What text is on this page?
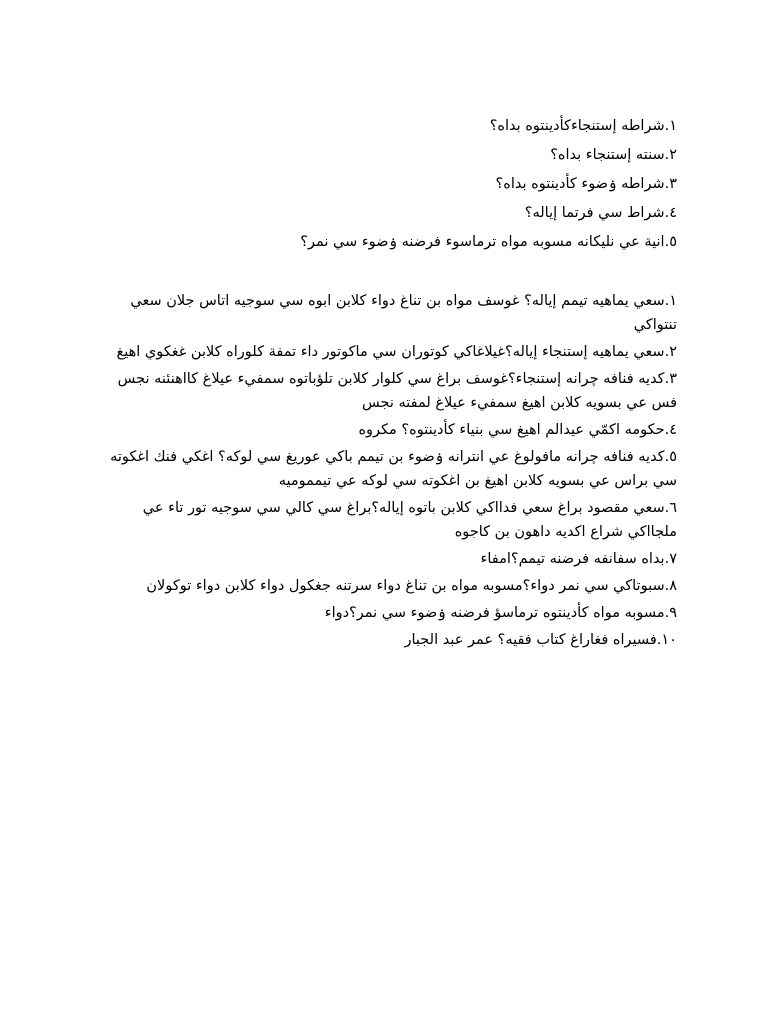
١.شراطه إستنجاءكأدينتوه بداه؟
٢.سنته إستنجاء بداه؟
٣.شراطه ۏضوء كأدينتوه بداه؟
٤.شراط سي فرتما إياله؟
٥.انية عي نليكانه مسوبه مواه ترماسوء فرضنه ۏضوء سي نمر؟
١.سعي يماهيه تيمم إياله؟ غوسف مواه بن تناغ دواء كلابن ابوه سي سوجيه اتاس جلان سعي تنتواكي
٢.سعي يماهيه إستنجاء إياله؟غيلاغاكي كوتوران سي ماكوتور داء تمفة كلوراه كلابن غغكوي اهيغ
٣.كديه فنافه چرانه إستنجاء؟غوسف براغ سي كلوار كلابن تلؤباتوه سمفيء عيلاغ كااهنئنه نجس فس عي بسويه كلابن اهيغ سمفيء عيلاغ لمفته نجس
٤.حكومه اكمّي عيدالم اهيغ سي بنياء كأدينتوه؟ مكروه
٥.كديه فنافه چرانه مافولوغ عي انترانه ۏضوء بن تيمم باكي عوريغ سي لوكه؟ اغكي فنك اغكوته سي براس عي بسويه كلابن اهيغ بن اغكوته سي لوكه عي تيمموميه
٦.سعي مقصود براغ سعي فدااكي كلابن باتوه إياله؟براغ سي كالي سي سوجيه تور تاء عي ملجااكي شراع اكديه داهون بن كاجوه
٧.بداه سفانفه فرضنه تيمم؟امفاء
٨.سبوتاكي سي نمر دواء؟مسوبه مواه بن تناغ دواء سرتنه جغكول دواء كلابن دواء توكولان
٩.مسوبه مواه كأدينتوه ترماسؤ فرضنه ۏضوء سي نمر؟دواء
١٠.فسيراه فغاراغ كتاب فقيه؟ عمر عبد الجبار
